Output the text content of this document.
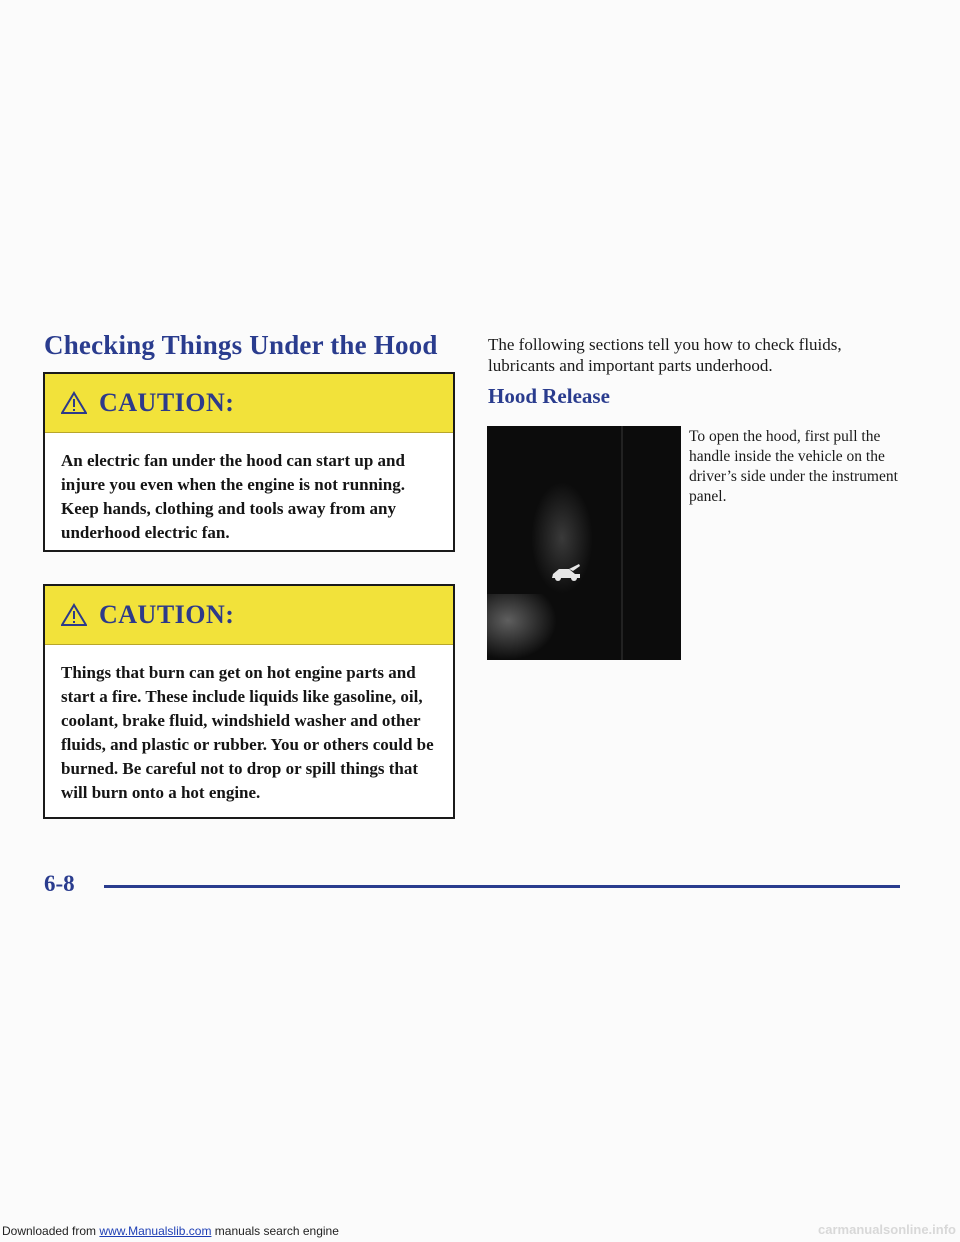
Checking Things Under the Hood
CAUTION:

An electric fan under the hood can start up and injure you even when the engine is not running. Keep hands, clothing and tools away from any underhood electric fan.

CAUTION:

Things that burn can get on hot engine parts and start a fire. These include liquids like gasoline, oil, coolant, brake fluid, windshield washer and other fluids, and plastic or rubber. You or others could be burned. Be careful not to drop or spill things that will burn onto a hot engine.

The following sections tell you how to check fluids, lubricants and important parts underhood.

Hood Release

To open the hood, first pull the handle inside the vehicle on the driver’s side under the instrument panel.

6-8
Downloaded from www.Manualslib.com manuals search engine	carmanualsonline.info
